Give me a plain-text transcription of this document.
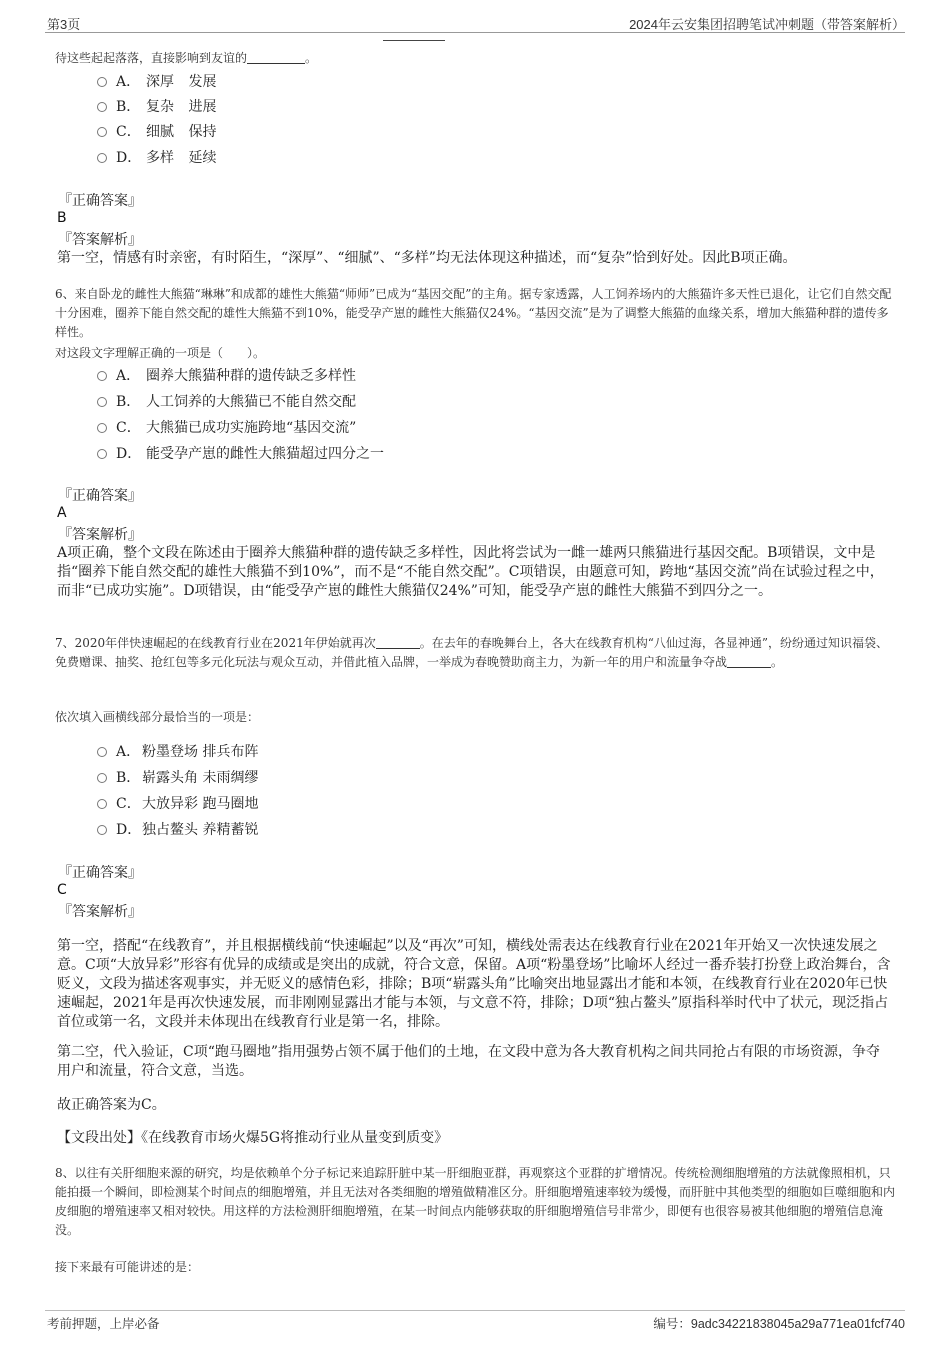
第3页	2024年云安集团招聘笔试冲刺题（带答案解析）
待这些起起落落，直接影响到友谊的	。
A． 深厚 发展
B． 复杂 进展
C． 细腻 保持
D． 多样 延续
『正确答案』
B
『答案解析』
第一空，情感有时亲密，有时陌生，“深厚”、“细腻”、“多样”均无法体现这种描述，而“复杂”恰到好处。因此B项正确。
6、来自卧龙的雌性大熊猫“琳琳”和成都的雄性大熊猫“师师”已成为“基因交配”的主角。据专家透露，人工饲养场内的大熊猫许多天性已退化，让它们自然交配十分困难，圈养下能自然交配的雄性大熊猫不到10%，能受孕产崽的雌性大熊猫仅24%。“基因交流”是为了调整大熊猫的血缘关系，增加大熊猫种群的遗传多样性。
对这段文字理解正确的一项是（　　）。
A． 圈养大熊猫种群的遗传缺乏多样性
B． 人工饲养的大熊猫已不能自然交配
C． 大熊猫已成功实施跨地“基因交流”
D． 能受孕产崽的雌性大熊猫超过四分之一
『正确答案』
A
『答案解析』
A项正确，整个文段在陈述由于圈养大熊猫种群的遗传缺乏多样性，因此将尝试为一雌一雄两只熊猫进行基因交配。B项错误，文中是指“圈养下能自然交配的雄性大熊猫不到10%”，而不是“不能自然交配”。C项错误，由题意可知，跨地“基因交流”尚在试验过程之中，而非“已成功实施”。D项错误，由“能受孕产崽的雌性大熊猫仅24%”可知，能受孕产崽的雌性大熊猫不到四分之一。
7、2020年伴快速崛起的在线教育行业在2021年伊始就再次	。在去年的春晚舞台上，各大在线教育机构“八仙过海，各显神通”，纷纷通过知识福袋、免费赠课、抽奖、抢红包等多元化玩法与观众互动，并借此植入品牌，一举成为春晚赞助商主力，为新一年的用户和流量争夺战	。
依次填入画横线部分最恰当的一项是：
A． 粉墨登场 排兵布阵
B． 崭露头角 未雨绸缪
C．大放异彩 跑马圈地
D．独占鳌头 养精蓄锐
『正确答案』
C
『答案解析』
第一空，搭配“在线教育”，并且根据横线前“快速崛起”以及“再次”可知，横线处需表达在线教育行业在2021年开始又一次快速发展之意。C项“大放异彩”形容有优异的成绩或是突出的成就，符合文意，保留。A项“粉墨登场”比喻坏人经过一番乔装打扮登上政治舞台，含贬义，文段为描述客观事实，并无贬义的感情色彩，排除；B项“崭露头角”比喻突出地显露出才能和本领，在线教育行业在2020年已快速崛起，2021年是再次快速发展，而非刚刚显露出才能与本领，与文意不符，排除；D项“独占鳌头”原指科举时代中了状元，现泛指占首位或第一名，文段并未体现出在线教育行业是第一名，排除。
第二空，代入验证，C项“跑马圈地”指用强势占领不属于他们的土地，在文段中意为各大教育机构之间共同抢占有限的市场资源，争夺用户和流量，符合文意，当选。
故正确答案为C。
【文段出处】《在线教育市场火爆5G将推动行业从量变到质变》
8、以往有关肝细胞来源的研究，均是依赖单个分子标记来追踪肝脏中某一肝细胞亚群，再观察这个亚群的扩增情况。传统检测细胞增殖的方法就像照相机，只能拍摄一个瞬间，即检测某个时间点的细胞增殖，并且无法对各类细胞的增殖做精准区分。肝细胞增殖速率较为缓慢，而肝脏中其他类型的细胞如巨噬细胞和内皮细胞的增殖速率又相对较快。用这样的方法检测肝细胞增殖，在某一时间点内能够获取的肝细胞增殖信号非常少，即便有也很容易被其他细胞的增殖信息淹没。
接下来最有可能讲述的是：
考前押题，上岸必备	编号：9adc34221838045a29a771ea01fcf740
